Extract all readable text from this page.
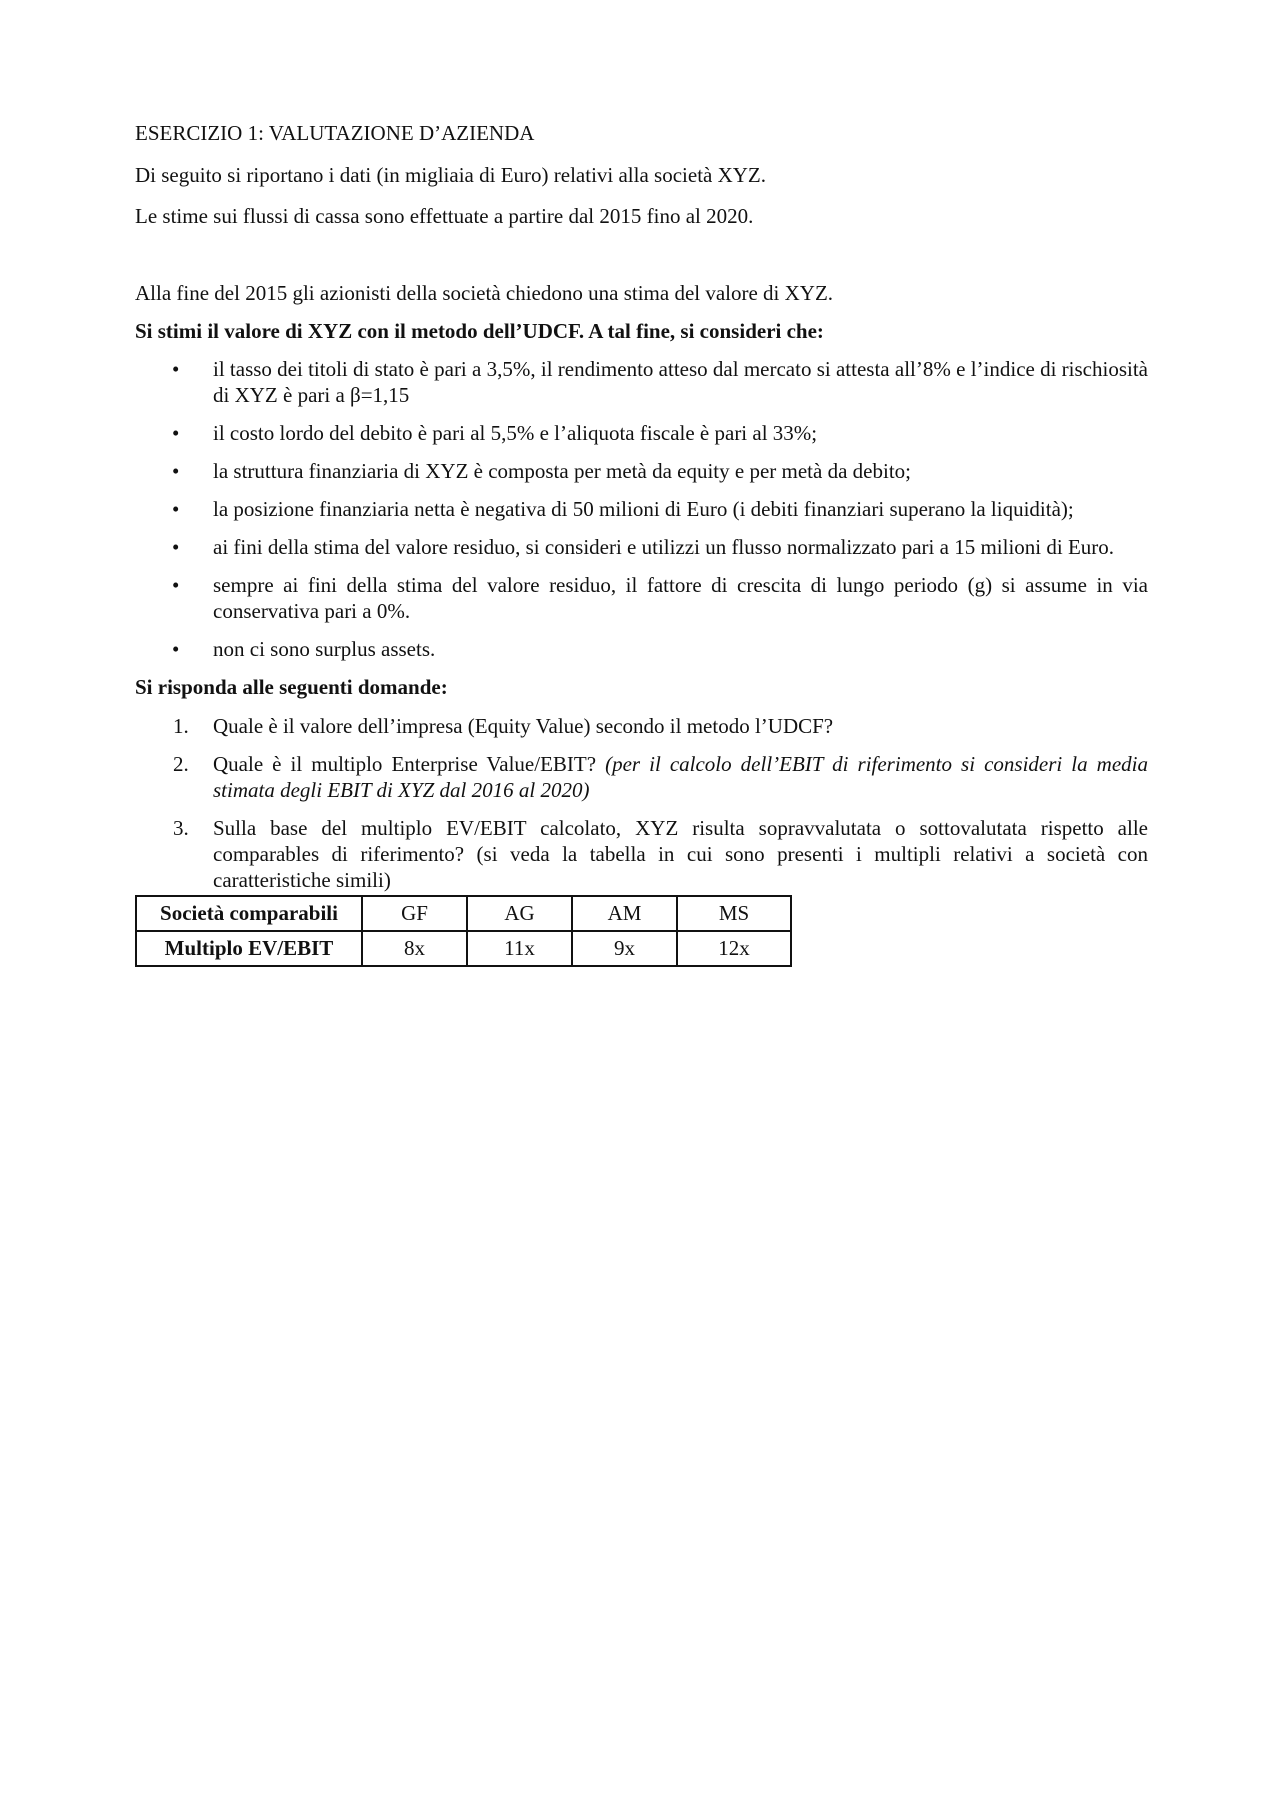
ESERCIZIO 1: VALUTAZIONE D’AZIENDA

Di seguito si riportano i dati (in migliaia di Euro) relativi alla società XYZ.

Le stime sui flussi di cassa sono effettuate a partire dal 2015 fino al 2020.

Alla fine del 2015 gli azionisti della società chiedono una stima del valore di XYZ.

Si stimi il valore di XYZ con il metodo dell’UDCF. A tal fine, si consideri che:

• il tasso dei titoli di stato è pari a 3,5%, il rendimento atteso dal mercato si attesta all’8% e l’indice di rischiosità di XYZ è pari a β=1,15
• il costo lordo del debito è pari al 5,5% e l’aliquota fiscale è pari al 33%;
• la struttura finanziaria di XYZ è composta per metà da equity e per metà da debito;
• la posizione finanziaria netta è negativa di 50 milioni di Euro (i debiti finanziari superano la liquidità);
• ai fini della stima del valore residuo, si consideri e utilizzi un flusso normalizzato pari a 15 milioni di Euro.
• sempre ai fini della stima del valore residuo, il fattore di crescita di lungo periodo (g) si assume in via conservativa pari a 0%.
• non ci sono surplus assets.

Si risponda alle seguenti domande:

1. Quale è il valore dell’impresa (Equity Value) secondo il metodo l’UDCF?
2. Quale è il multiplo Enterprise Value/EBIT? (per il calcolo dell’EBIT di riferimento si consideri la media stimata degli EBIT di XYZ dal 2016 al 2020)
3. Sulla base del multiplo EV/EBIT calcolato, XYZ risulta sopravvalutata o sottovalutata rispetto alle comparables di riferimento? (si veda la tabella in cui sono presenti i multipli relativi a società con caratteristiche simili)
Società comparabili	GF	AG	AM	MS
Multiplo EV/EBIT	8x	11x	9x	12x
